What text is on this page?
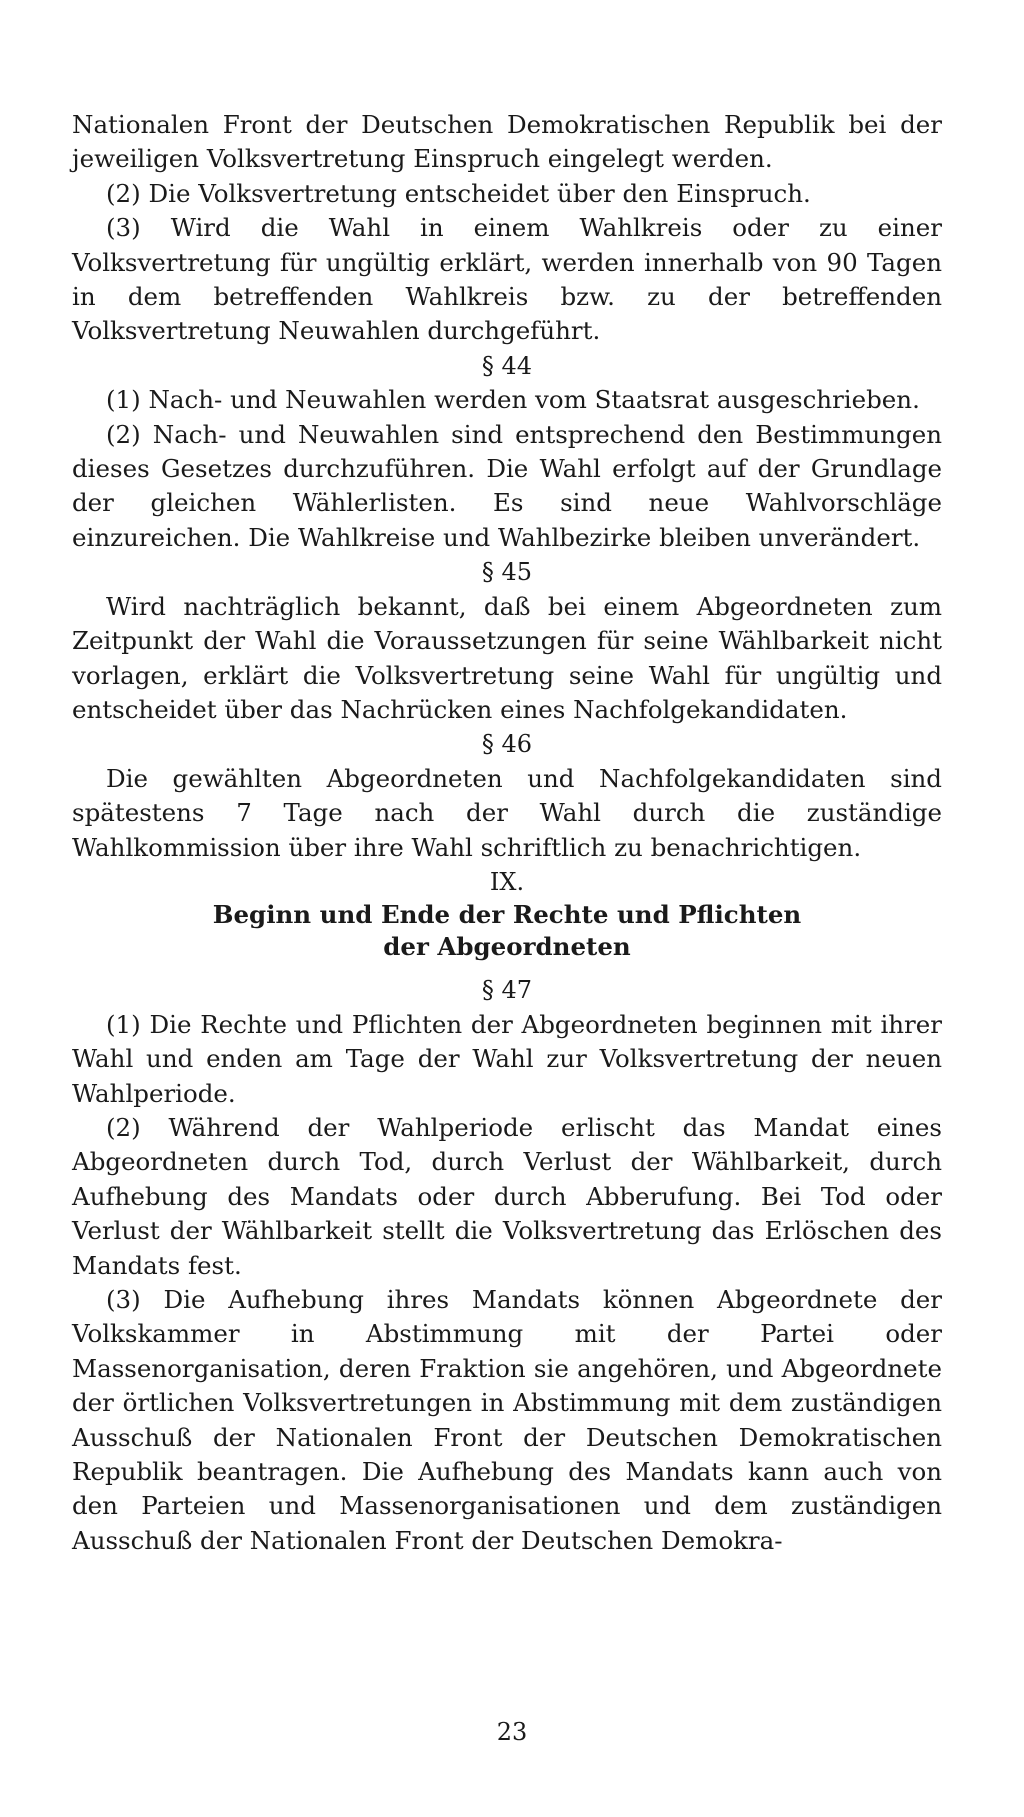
Nationalen Front der Deutschen Demokratischen Republik bei der jeweiligen Volksvertretung Einspruch eingelegt werden.

(2) Die Volksvertretung entscheidet über den Einspruch.

(3) Wird die Wahl in einem Wahlkreis oder zu einer Volksvertretung für ungültig erklärt, werden innerhalb von 90 Tagen in dem betreffenden Wahlkreis bzw. zu der betreffenden Volksvertretung Neuwahlen durchgeführt.

§ 44

(1) Nach- und Neuwahlen werden vom Staatsrat ausgeschrieben.

(2) Nach- und Neuwahlen sind entsprechend den Bestimmungen dieses Gesetzes durchzuführen. Die Wahl erfolgt auf der Grundlage der gleichen Wählerlisten. Es sind neue Wahlvorschläge einzureichen. Die Wahlkreise und Wahlbezirke bleiben unverändert.

§ 45

Wird nachträglich bekannt, daß bei einem Abgeordneten zum Zeitpunkt der Wahl die Voraussetzungen für seine Wählbarkeit nicht vorlagen, erklärt die Volksvertretung seine Wahl für ungültig und entscheidet über das Nachrücken eines Nachfolgekandidaten.

§ 46

Die gewählten Abgeordneten und Nachfolgekandidaten sind spätestens 7 Tage nach der Wahl durch die zuständige Wahlkommission über ihre Wahl schriftlich zu benachrichtigen.

IX.

Beginn und Ende der Rechte und Pflichten
der Abgeordneten

§ 47

(1) Die Rechte und Pflichten der Abgeordneten beginnen mit ihrer Wahl und enden am Tage der Wahl zur Volksvertretung der neuen Wahlperiode.

(2) Während der Wahlperiode erlischt das Mandat eines Abgeordneten durch Tod, durch Verlust der Wählbarkeit, durch Aufhebung des Mandats oder durch Abberufung. Bei Tod oder Verlust der Wählbarkeit stellt die Volksvertretung das Erlöschen des Mandats fest.

(3) Die Aufhebung ihres Mandats können Abgeordnete der Volkskammer in Abstimmung mit der Partei oder Massenorganisation, deren Fraktion sie angehören, und Abgeordnete der örtlichen Volksvertretungen in Abstimmung mit dem zuständigen Ausschuß der Nationalen Front der Deutschen Demokratischen Republik beantragen. Die Aufhebung des Mandats kann auch von den Parteien und Massenorganisationen und dem zuständigen Ausschuß der Nationalen Front der Deutschen Demokra-

23
